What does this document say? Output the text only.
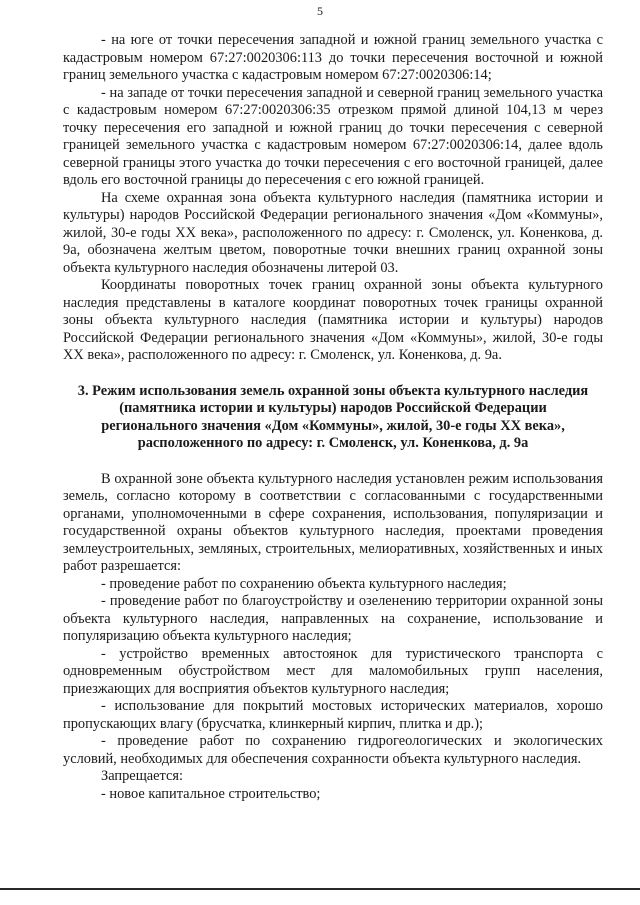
5

- на юге от точки пересечения западной и южной границ земельного участка с кадастровым номером 67:27:0020306:113 до точки пересечения восточной и южной границ земельного участка с кадастровым номером 67:27:0020306:14;

- на западе от точки пересечения западной и северной границ земельного участка с кадастровым номером 67:27:0020306:35 отрезком прямой длиной 104,13 м через точку пересечения его западной и южной границ до точки пересечения с северной границей земельного участка с кадастровым номером 67:27:0020306:14, далее вдоль северной границы этого участка до точки пересечения с его восточной границей, далее вдоль его восточной границы до пересечения с его южной границей.

На схеме охранная зона объекта культурного наследия (памятника истории и культуры) народов Российской Федерации регионального значения «Дом «Коммуны», жилой, 30-е годы XX века», расположенного по адресу: г. Смоленск, ул. Коненкова, д. 9а, обозначена желтым цветом, поворотные точки внешних границ охранной зоны объекта культурного наследия обозначены литерой 03.

Координаты поворотных точек границ охранной зоны объекта культурного наследия представлены в каталоге координат поворотных точек границы охранной зоны объекта культурного наследия (памятника истории и культуры) народов Российской Федерации регионального значения «Дом «Коммуны», жилой, 30-е годы XX века», расположенного по адресу: г. Смоленск, ул. Коненкова, д. 9а.

3. Режим использования земель охранной зоны объекта культурного наследия (памятника истории и культуры) народов Российской Федерации регионального значения «Дом «Коммуны», жилой, 30-е годы XX века», расположенного по адресу: г. Смоленск, ул. Коненкова, д. 9а

В охранной зоне объекта культурного наследия установлен режим использования земель, согласно которому в соответствии с согласованными с государственными органами, уполномоченными в сфере сохранения, использования, популяризации и государственной охраны объектов культурного наследия, проектами проведения землеустроительных, земляных, строительных, мелиоративных, хозяйственных и иных работ разрешается:

- проведение работ по сохранению объекта культурного наследия;

- проведение работ по благоустройству и озеленению территории охранной зоны объекта культурного наследия, направленных на сохранение, использование и популяризацию объекта культурного наследия;

- устройство временных автостоянок для туристического транспорта с одновременным обустройством мест для маломобильных групп населения, приезжающих для восприятия объектов культурного наследия;

- использование для покрытий мостовых исторических материалов, хорошо пропускающих влагу (брусчатка, клинкерный кирпич, плитка и др.);

- проведение работ по сохранению гидрогеологических и экологических условий, необходимых для обеспечения сохранности объекта культурного наследия.

Запрещается:

- новое капитальное строительство;
